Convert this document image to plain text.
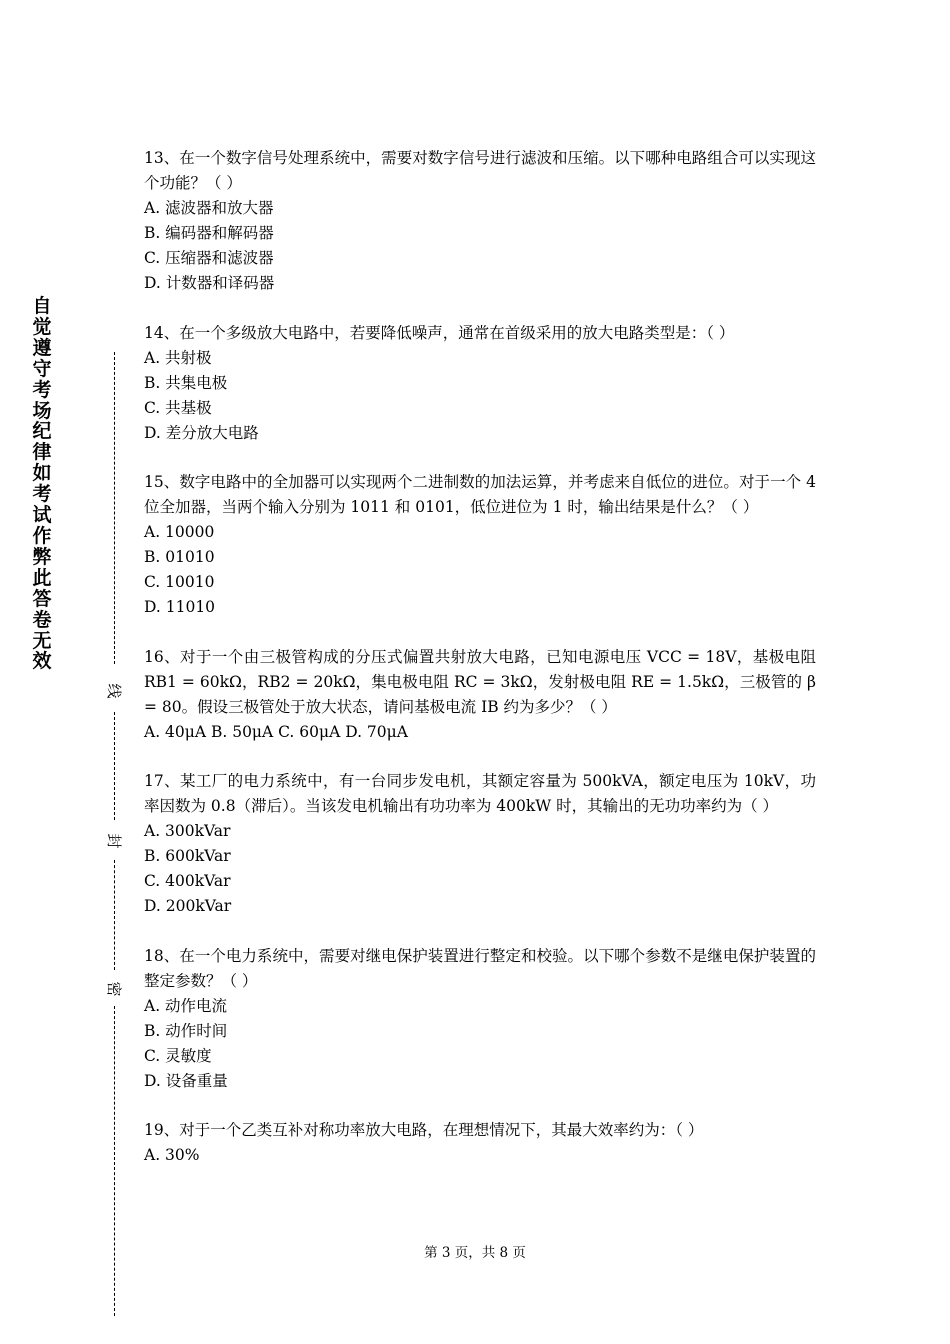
自觉遵守考场纪律如考试作弊此答卷无效
线
封
密

13、在一个数字信号处理系统中，需要对数字信号进行滤波和压缩。以下哪种电路组合可以实现这个功能？（ ）

A. 滤波器和放大器

B. 编码器和解码器

C. 压缩器和滤波器

D. 计数器和译码器

14、在一个多级放大电路中，若要降低噪声，通常在首级采用的放大电路类型是：（ ）

A. 共射极

B. 共集电极

C. 共基极

D. 差分放大电路

15、数字电路中的全加器可以实现两个二进制数的加法运算，并考虑来自低位的进位。对于一个 4 位全加器，当两个输入分别为 1011 和 0101，低位进位为 1 时，输出结果是什么？（ ）

A. 10000

B. 01010

C. 10010

D. 11010

16、对于一个由三极管构成的分压式偏置共射放大电路，已知电源电压 VCC = 18V，基极电阻 RB1 = 60kΩ，RB2 = 20kΩ，集电极电阻 RC = 3kΩ，发射极电阻 RE = 1.5kΩ，三极管的 β = 80。假设三极管处于放大状态，请问基极电流 IB 约为多少？（ ）

A. 40μA B. 50μA C. 60μA D. 70μA

17、某工厂的电力系统中，有一台同步发电机，其额定容量为 500kVA，额定电压为 10kV，功率因数为 0.8（滞后）。当该发电机输出有功功率为 400kW 时，其输出的无功功率约为（ ）

A. 300kVar

B. 600kVar

C. 400kVar

D. 200kVar

18、在一个电力系统中，需要对继电保护装置进行整定和校验。以下哪个参数不是继电保护装置的整定参数？（ ）

A. 动作电流

B. 动作时间

C. 灵敏度

D. 设备重量

19、对于一个乙类互补对称功率放大电路，在理想情况下，其最大效率约为：（ ）

A. 30%

第 3 页，共 8 页
